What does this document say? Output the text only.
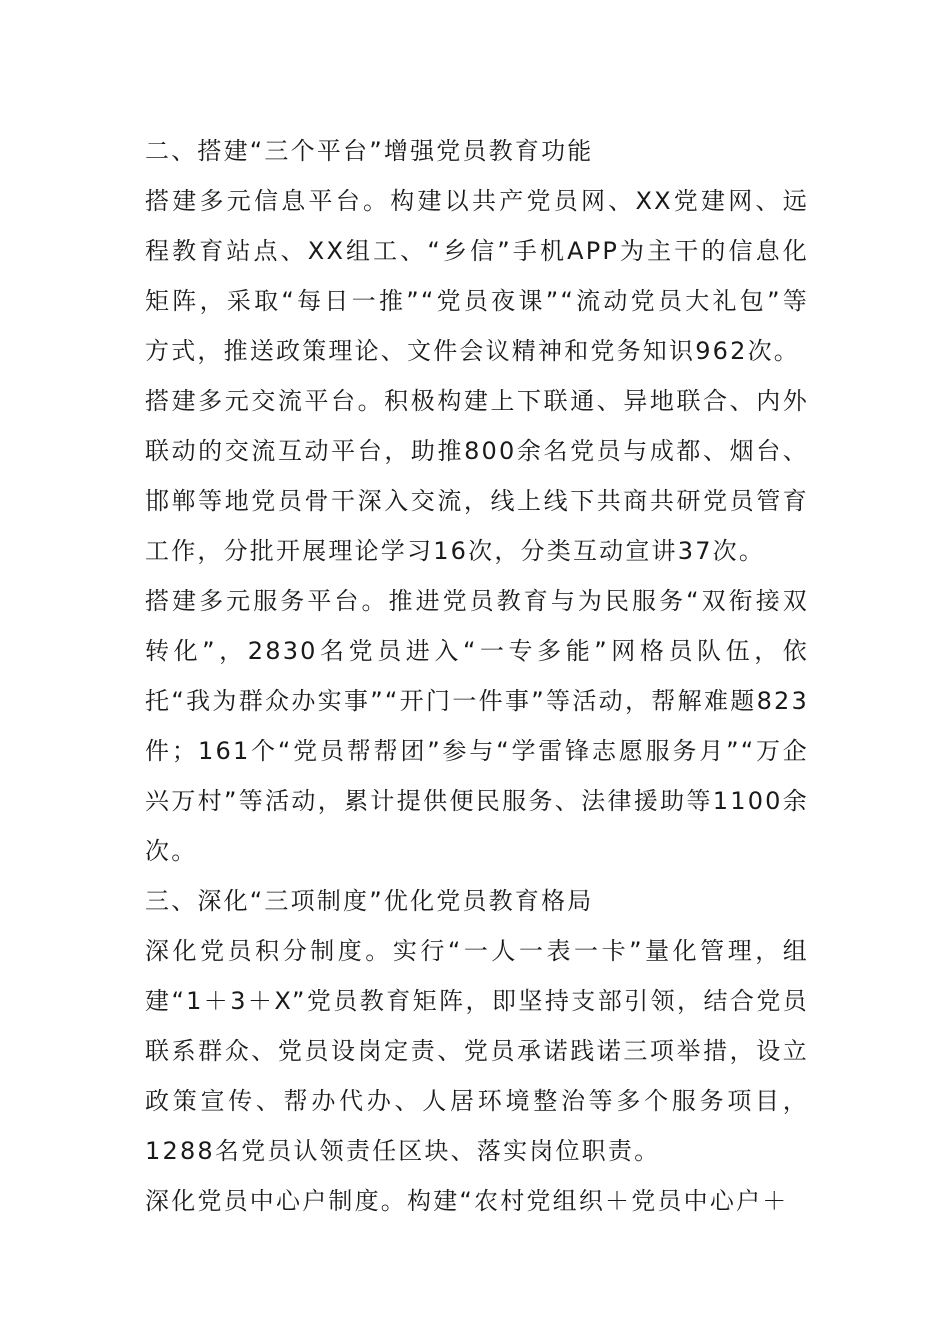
二、搭建“三个平台”增强党员教育功能

搭建多元信息平台。构建以共产党员网、XX党建网、远程教育站点、XX组工、“乡信”手机APP为主干的信息化矩阵，采取“每日一推”“党员夜课”“流动党员大礼包”等方式，推送政策理论、文件会议精神和党务知识962次。

搭建多元交流平台。积极构建上下联通、异地联合、内外联动的交流互动平台，助推800余名党员与成都、烟台、邯郸等地党员骨干深入交流，线上线下共商共研党员管育工作，分批开展理论学习16次，分类互动宣讲37次。

搭建多元服务平台。推进党员教育与为民服务“双衔接双转化”，2830名党员进入“一专多能”网格员队伍，依托“我为群众办实事”“开门一件事”等活动，帮解难题823件；161个“党员帮帮团”参与“学雷锋志愿服务月”“万企兴万村”等活动，累计提供便民服务、法律援助等1100余次。

三、深化“三项制度”优化党员教育格局

深化党员积分制度。实行“一人一表一卡”量化管理，组建“1＋3＋X”党员教育矩阵，即坚持支部引领，结合党员联系群众、党员设岗定责、党员承诺践诺三项举措，设立政策宣传、帮办代办、人居环境整治等多个服务项目，1288名党员认领责任区块、落实岗位职责。

深化党员中心户制度。构建“农村党组织＋党员中心户＋
